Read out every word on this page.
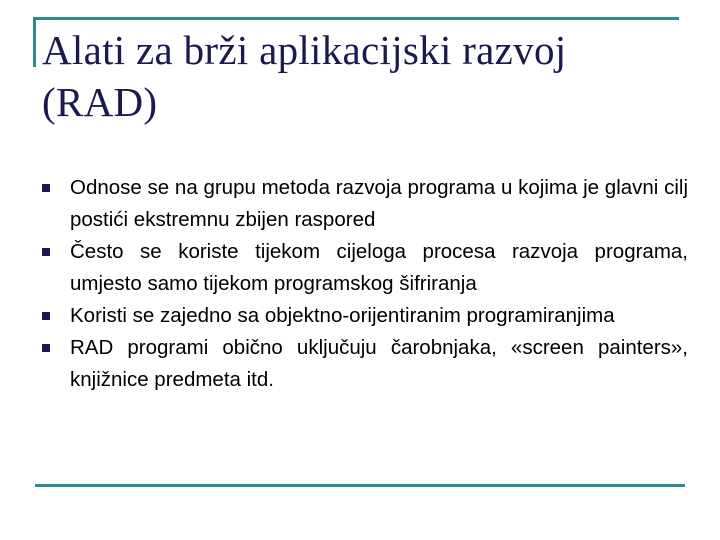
Alati za brži aplikacijski razvoj (RAD)
Odnose se na grupu metoda razvoja programa u kojima je glavni cilj postići ekstremnu zbijen raspored
Često se koriste tijekom cijeloga procesa razvoja programa, umjesto samo tijekom programskog šifriranja
Koristi se zajedno sa objektno-orijentiranim programiranjima
RAD programi obično uključuju čarobnjaka, «screen painters», knjižnice predmeta itd.
